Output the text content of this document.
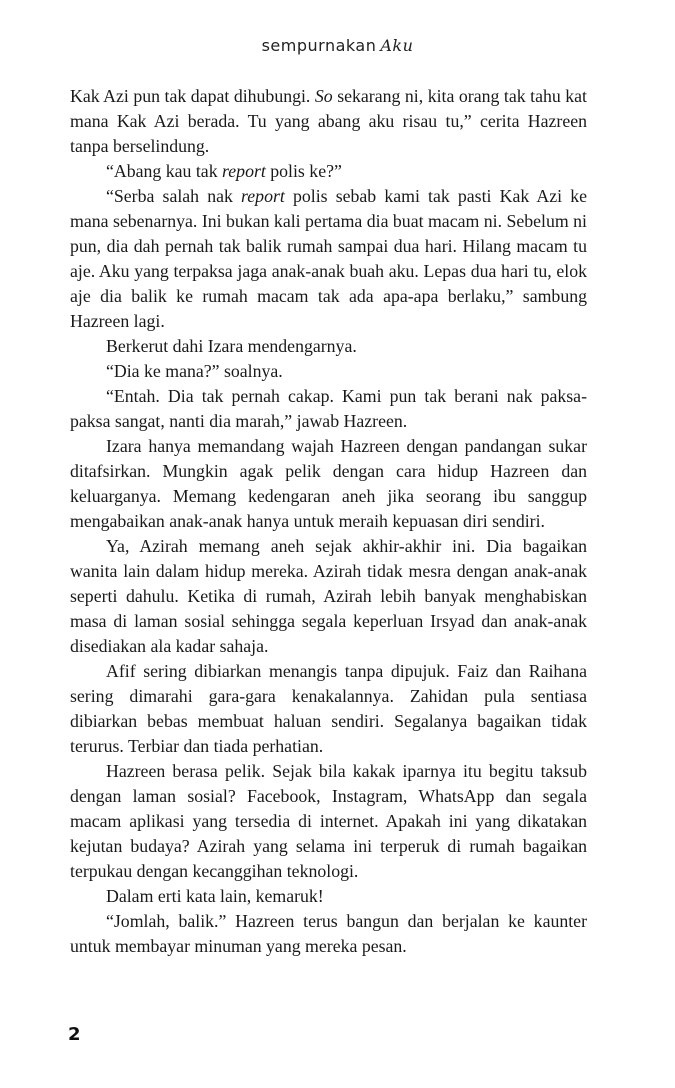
sempurnakan Aku

Kak Azi pun tak dapat dihubungi. So sekarang ni, kita orang tak tahu kat mana Kak Azi berada. Tu yang abang aku risau tu,” cerita Hazreen tanpa berselindung.

“Abang kau tak report polis ke?”

“Serba salah nak report polis sebab kami tak pasti Kak Azi ke mana sebenarnya. Ini bukan kali pertama dia buat macam ni. Sebelum ni pun, dia dah pernah tak balik rumah sampai dua hari. Hilang macam tu aje. Aku yang terpaksa jaga anak-anak buah aku. Lepas dua hari tu, elok aje dia balik ke rumah macam tak ada apa-apa berlaku,” sambung Hazreen lagi.

Berkerut dahi Izara mendengarnya.

“Dia ke mana?” soalnya.

“Entah. Dia tak pernah cakap. Kami pun tak berani nak paksa-paksa sangat, nanti dia marah,” jawab Hazreen.

Izara hanya memandang wajah Hazreen dengan pandangan sukar ditafsirkan. Mungkin agak pelik dengan cara hidup Hazreen dan keluarganya. Memang kedengaran aneh jika seorang ibu sanggup mengabaikan anak-anak hanya untuk meraih kepuasan diri sendiri.

Ya, Azirah memang aneh sejak akhir-akhir ini. Dia bagaikan wanita lain dalam hidup mereka. Azirah tidak mesra dengan anak-anak seperti dahulu. Ketika di rumah, Azirah lebih banyak menghabiskan masa di laman sosial sehingga segala keperluan Irsyad dan anak-anak disediakan ala kadar sahaja.

Afif sering dibiarkan menangis tanpa dipujuk. Faiz dan Raihana sering dimarahi gara-gara kenakalannya. Zahidan pula sentiasa dibiarkan bebas membuat haluan sendiri. Segalanya bagaikan tidak terurus. Terbiar dan tiada perhatian.

Hazreen berasa pelik. Sejak bila kakak iparnya itu begitu taksub dengan laman sosial? Facebook, Instagram, WhatsApp dan segala macam aplikasi yang tersedia di internet. Apakah ini yang dikatakan kejutan budaya? Azirah yang selama ini terperuk di rumah bagaikan terpukau dengan kecanggihan teknologi.

Dalam erti kata lain, kemaruk!

“Jomlah, balik.” Hazreen terus bangun dan berjalan ke kaunter untuk membayar minuman yang mereka pesan.

2
